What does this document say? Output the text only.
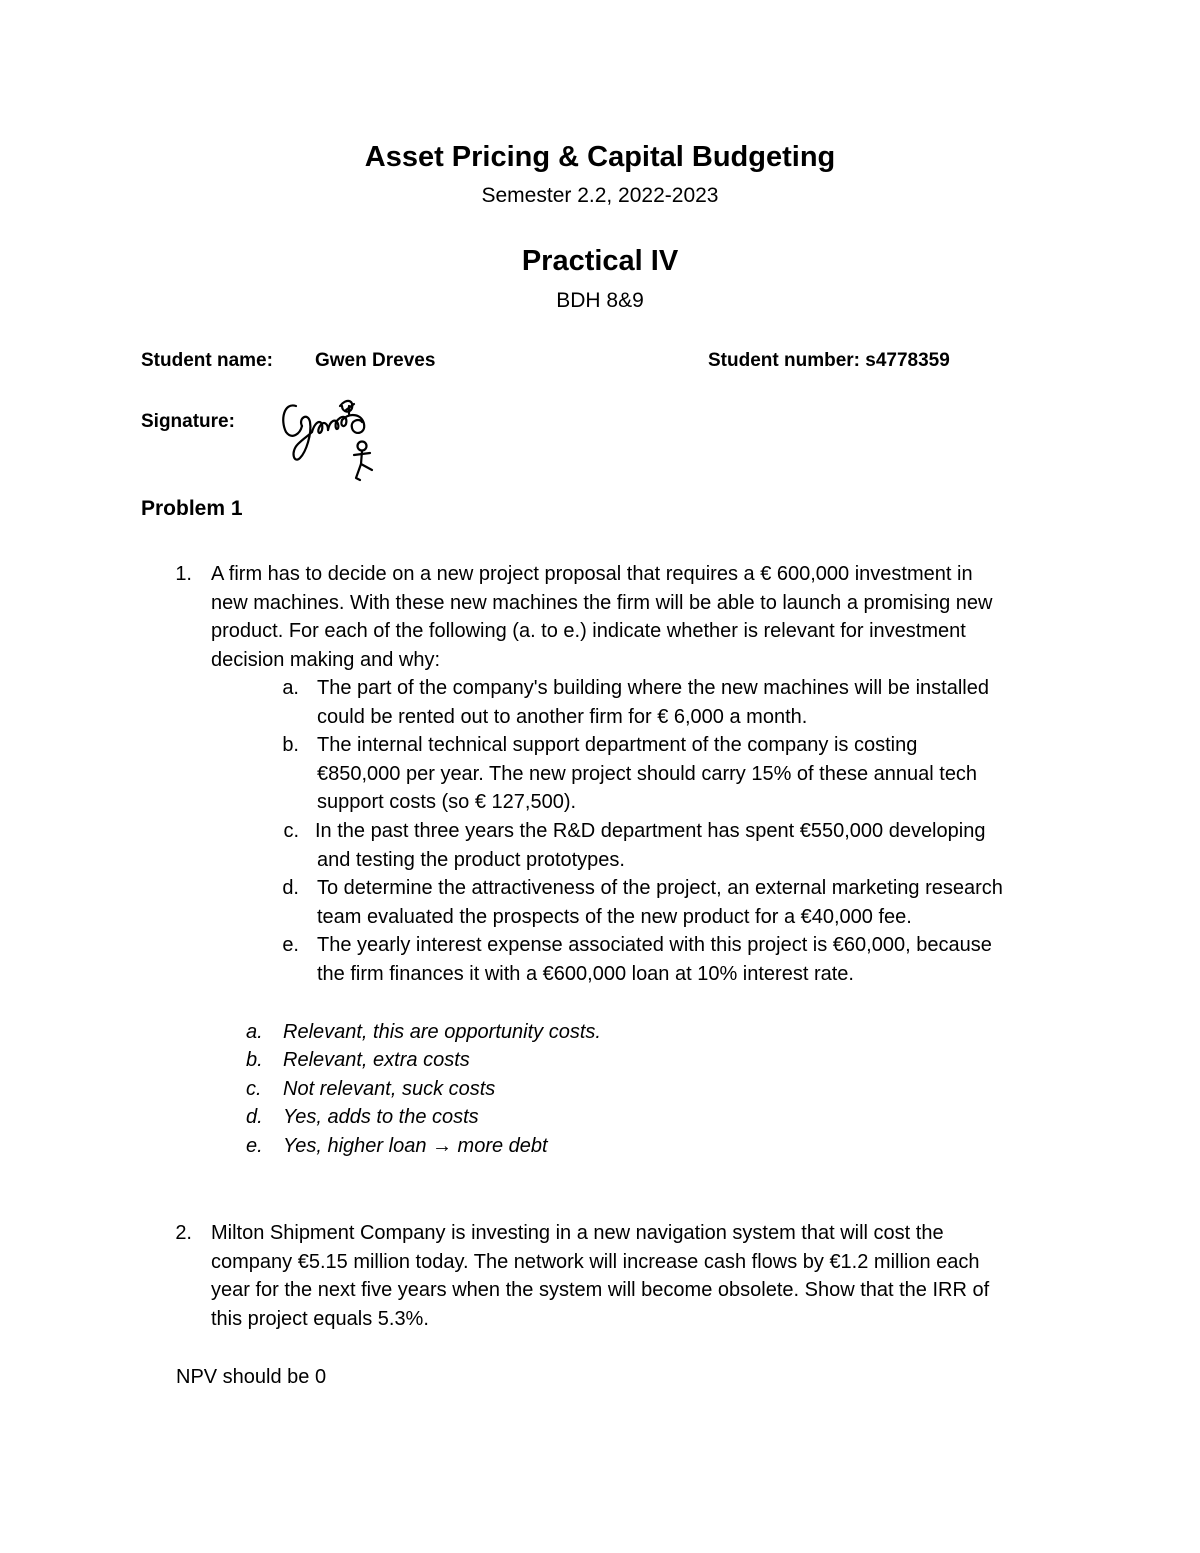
Asset Pricing & Capital Budgeting
Semester 2.2, 2022-2023
Practical IV
BDH 8&9
Student name: Gwen Dreves	Student number: s4778359
Signature:
Problem 1
1. A firm has to decide on a new project proposal that requires a € 600,000 investment in
new machines. With these new machines the firm will be able to launch a promising new
product. For each of the following (a. to e.) indicate whether is relevant for investment
decision making and why:
a. The part of the company's building where the new machines will be installed
could be rented out to another firm for € 6,000 a month.
b. The internal technical support department of the company is costing
€850,000 per year. The new project should carry 15% of these annual tech
support costs (so € 127,500).
c. In the past three years the R&D department has spent €550,000 developing
and testing the product prototypes.
d. To determine the attractiveness of the project, an external marketing research
team evaluated the prospects of the new product for a €40,000 fee.
e. The yearly interest expense associated with this project is €60,000, because
the firm finances it with a €600,000 loan at 10% interest rate.
a. Relevant, this are opportunity costs.
b. Relevant, extra costs
c. Not relevant, suck costs
d. Yes, adds to the costs
e. Yes, higher loan → more debt
2. Milton Shipment Company is investing in a new navigation system that will cost the
company €5.15 million today. The network will increase cash flows by €1.2 million each
year for the next five years when the system will become obsolete. Show that the IRR of
this project equals 5.3%.
NPV should be 0
